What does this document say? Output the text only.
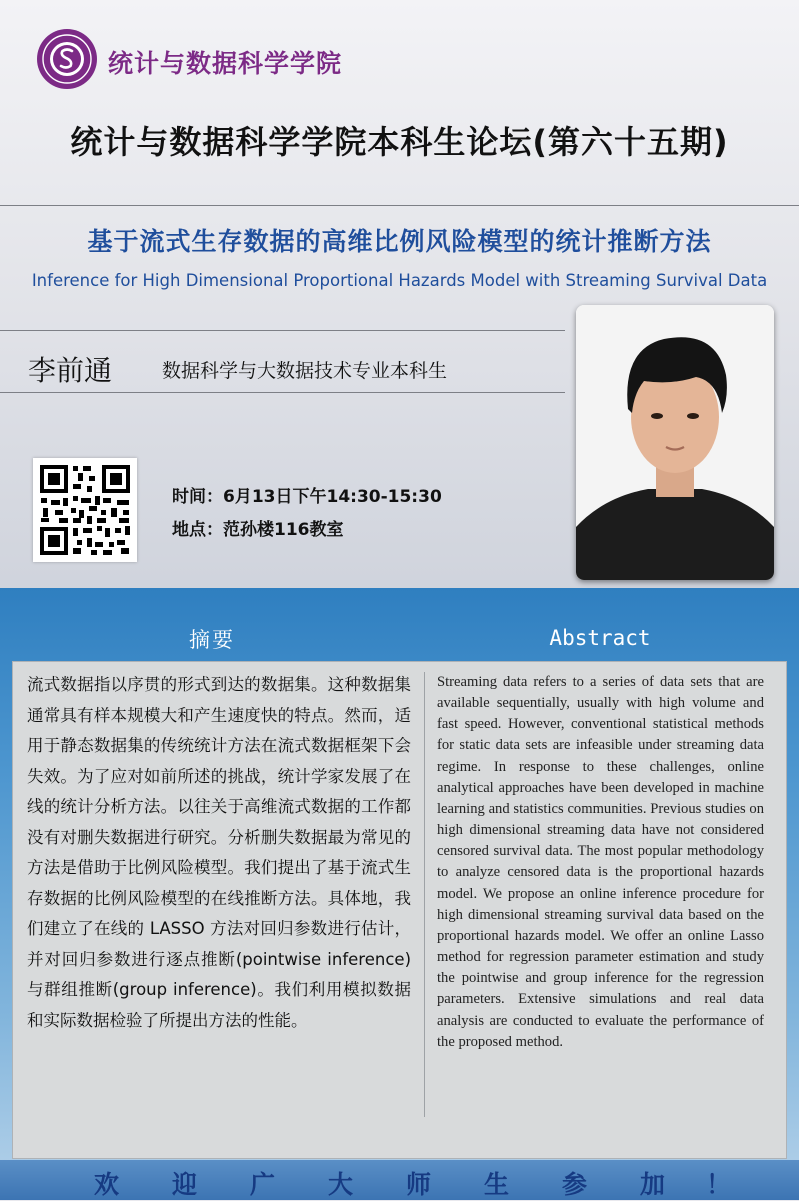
统计与数据科学学院
统计与数据科学学院本科生论坛(第六十五期)
基于流式生存数据的高维比例风险模型的统计推断方法
Inference for High Dimensional Proportional Hazards Model with Streaming Survival Data
李前通	数据科学与大数据技术专业本科生
时间：6月13日下午14:30-15:30
地点：范孙楼116教室
摘要	Abstract

流式数据指以序贯的形式到达的数据集。这种数据集通常具有样本规模大和产生速度快的特点。然而，适用于静态数据集的传统统计方法在流式数据框架下会失效。为了应对如前所述的挑战，统计学家发展了在线的统计分析方法。以往关于高维流式数据的工作都没有对删失数据进行研究。分析删失数据最为常见的方法是借助于比例风险模型。我们提出了基于流式生存数据的比例风险模型的在线推断方法。具体地，我们建立了在线的 LASSO 方法对回归参数进行估计，并对回归参数进行逐点推断(pointwise inference)与群组推断(group inference)。我们利用模拟数据和实际数据检验了所提出方法的性能。

Streaming data refers to a series of data sets that are available sequentially, usually with high volume and fast speed. However, conventional statistical methods for static data sets are infeasible under streaming data regime. In response to these challenges, online analytical approaches have been developed in machine learning and statistics communities. Previous studies on high dimensional streaming data have not considered censored survival data. The most popular methodology to analyze censored data is the proportional hazards model. We propose an online inference procedure for high dimensional streaming survival data based on the proportional hazards model. We offer an online Lasso method for regression parameter estimation and study the pointwise and group inference for the regression parameters. Extensive simulations and real data analysis are conducted to evaluate the performance of the proposed method.

欢 迎 广 大 师 生 参 加 ！
